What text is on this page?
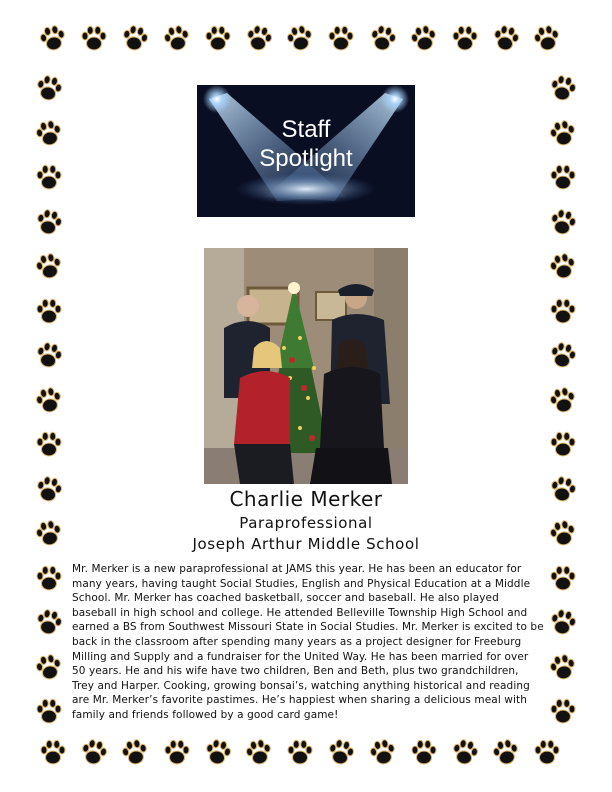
Staff
Spotlight
Charlie Merker
Paraprofessional
Joseph Arthur Middle School

Mr. Merker is a new paraprofessional at JAMS this year. He has been an educator for many years, having taught Social Studies, English and Physical Education at a Middle School. Mr. Merker has coached basketball, soccer and baseball. He also played baseball in high school and college. He attended Belleville Township High School and earned a BS from Southwest Missouri State in Social Studies. Mr. Merker is excited to be back in the classroom after spending many years as a project designer for Freeburg Milling and Supply and a fundraiser for the United Way. He has been married for over 50 years. He and his wife have two children, Ben and Beth, plus two grandchildren, Trey and Harper. Cooking, growing bonsai’s, watching anything historical and reading are Mr. Merker’s favorite pastimes. He’s happiest when sharing a delicious meal with family and friends followed by a good card game!
